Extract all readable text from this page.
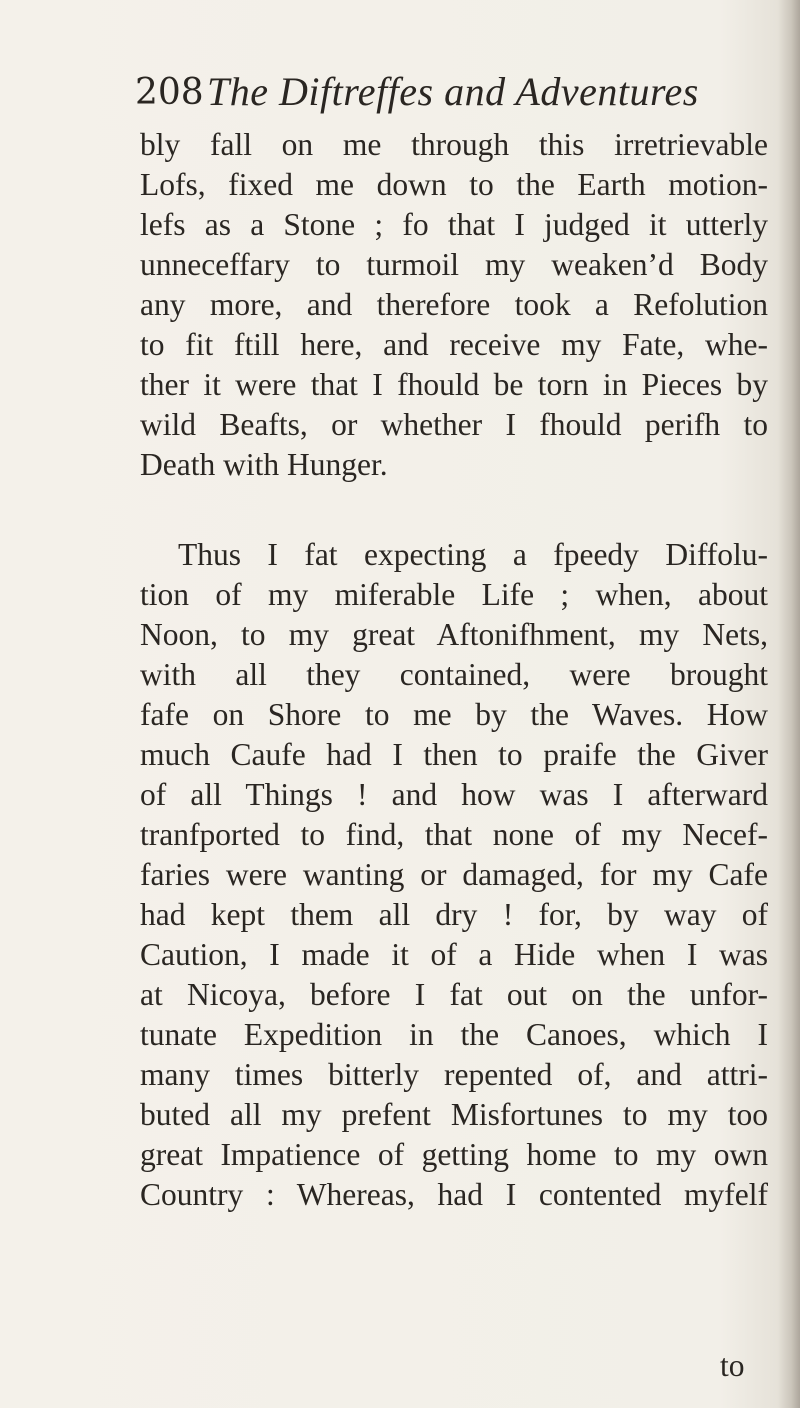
208 The Diftreffes and Adventures
bly fall on me through this irretrievable
Lofs, fixed me down to the Earth motion-
lefs as a Stone ; fo that I judged it utterly
unneceffary to turmoil my weaken’d Body
any more, and therefore took a Refolution
to fit ftill here, and receive my Fate, whe-
ther it were that I fhould be torn in Pieces by
wild Beafts, or whether I fhould perifh to
Death with Hunger.
Thus I fat expecting a fpeedy Diffolu-
tion of my miferable Life ; when, about
Noon, to my great Aftonifhment, my Nets,
with all they contained, were brought
fafe on Shore to me by the Waves. How
much Caufe had I then to praife the Giver
of all Things ! and how was I afterward
tranfported to find, that none of my Necef-
faries were wanting or damaged, for my Cafe
had kept them all dry ! for, by way of
Caution, I made it of a Hide when I was
at Nicoya, before I fat out on the unfor-
tunate Expedition in the Canoes, which I
many times bitterly repented of, and attri-
buted all my prefent Misfortunes to my too
great Impatience of getting home to my own
Country : Whereas, had I contented myfelf
to
